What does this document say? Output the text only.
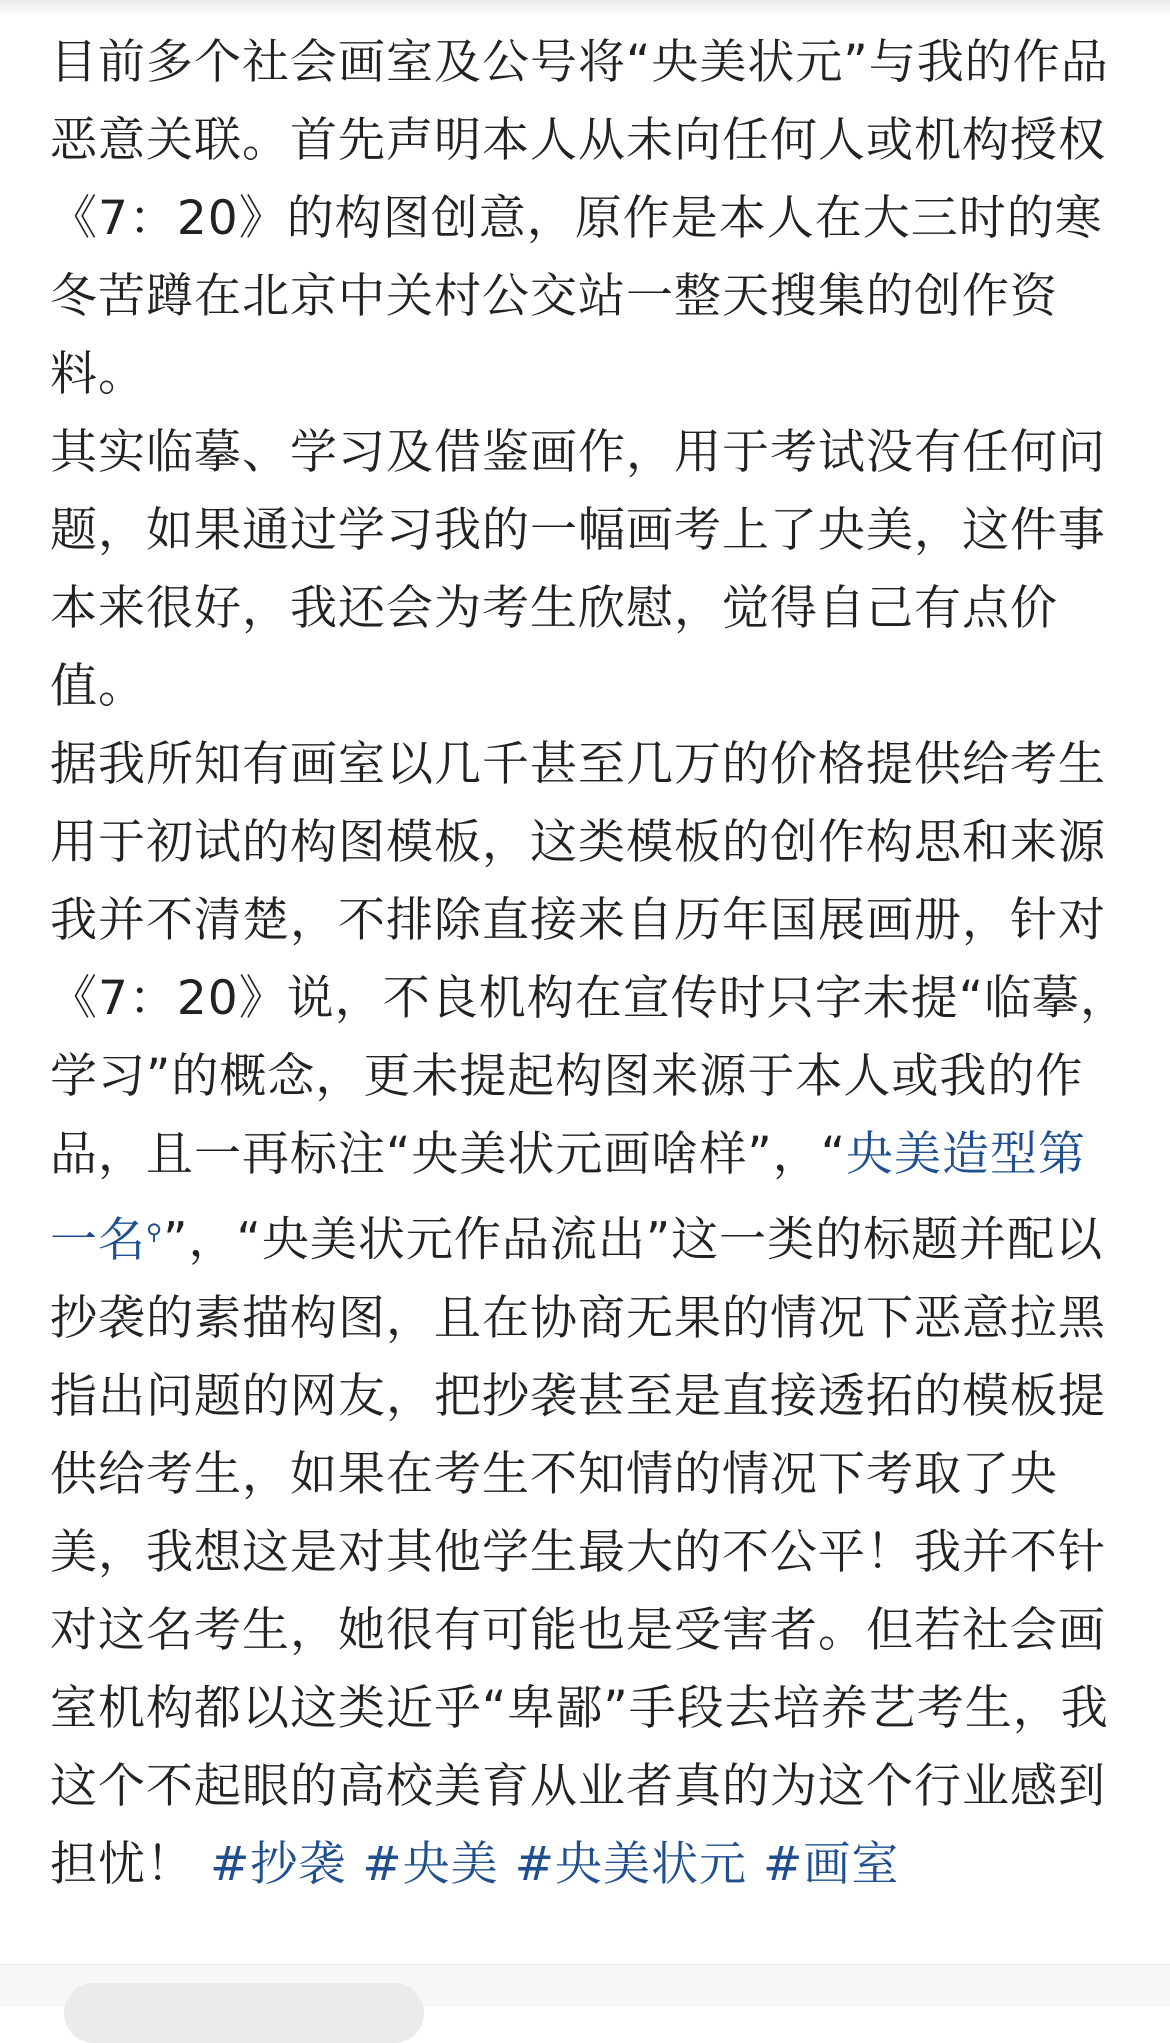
目前多个社会画室及公号将“央美状元”与我的作品恶意关联。首先声明本人从未向任何人或机构授权《7：20》的构图创意，原作是本人在大三时的寒冬苦蹲在北京中关村公交站一整天搜集的创作资料。

其实临摹、学习及借鉴画作，用于考试没有任何问题，如果通过学习我的一幅画考上了央美，这件事本来很好，我还会为考生欣慰，觉得自己有点价值。

据我所知有画室以几千甚至几万的价格提供给考生用于初试的构图模板，这类模板的创作构思和来源我并不清楚，不排除直接来自历年国展画册，针对《7：20》说，不良机构在宣传时只字未提“临摹，学习”的概念，更未提起构图来源于本人或我的作品，且一再标注“央美状元画啥样”，“央美造型第一名⚲”，“央美状元作品流出”这一类的标题并配以抄袭的素描构图，且在协商无果的情况下恶意拉黑指出问题的网友，把抄袭甚至是直接透拓的模板提供给考生，如果在考生不知情的情况下考取了央美，我想这是对其他学生最大的不公平！我并不针对这名考生，她很有可能也是受害者。但若社会画室机构都以这类近乎“卑鄙”手段去培养艺考生，我这个不起眼的高校美育从业者真的为这个行业感到担忧！ #抄袭 #央美 #央美状元 #画室
